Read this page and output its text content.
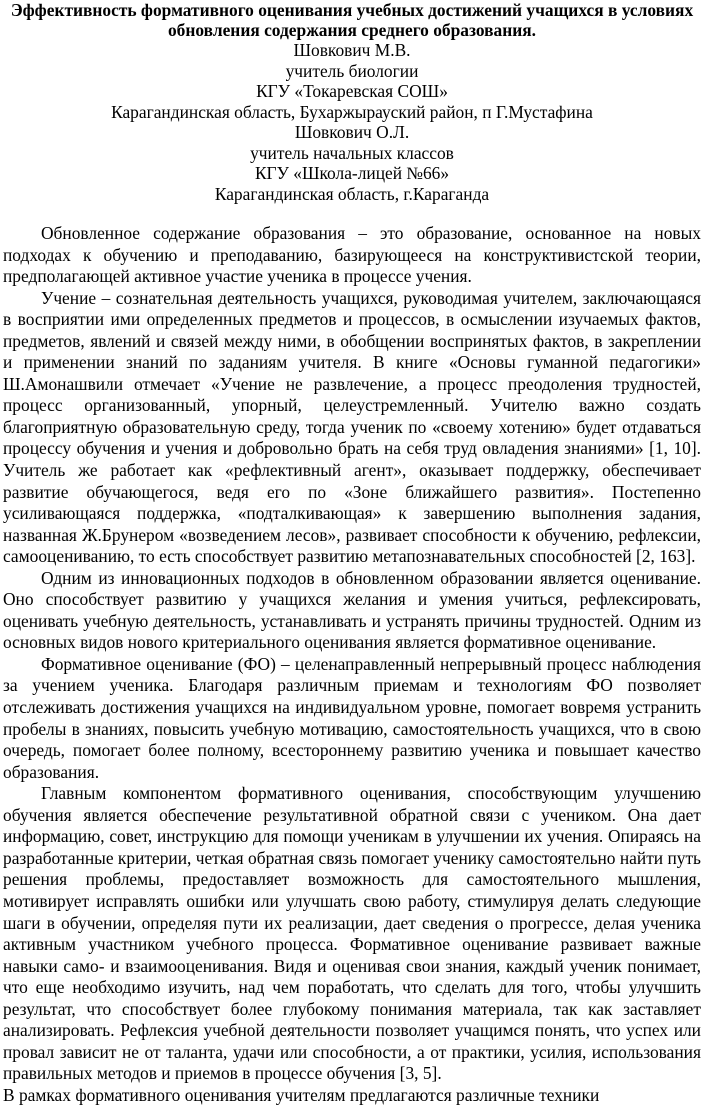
Эффективность формативного оценивания учебных достижений учащихся в условиях обновления содержания среднего образования.
Шовкович М.В.
учитель биологии
КГУ «Токаревская СОШ»
Карагандинская область, Бухаржырауский район, п Г.Мустафина
Шовкович О.Л.
учитель начальных классов
КГУ «Школа-лицей №66»
Карагандинская область, г.Караганда

Обновленное содержание образования – это образование, основанное на новых подходах к обучению и преподаванию, базирующееся на конструктивистской теории, предполагающей активное участие ученика в процессе учения.

Учение – сознательная деятельность учащихся, руководимая учителем, заключающаяся в восприятии ими определенных предметов и процессов, в осмыслении изучаемых фактов, предметов, явлений и связей между ними, в обобщении воспринятых фактов, в закреплении и применении знаний по заданиям учителя. В книге «Основы гуманной педагогики» Ш.Амонашвили отмечает «Учение не развлечение, а процесс преодоления трудностей, процесс организованный, упорный, целеустремленный. Учителю важно создать благоприятную образовательную среду, тогда ученик по «своему хотению» будет отдаваться процессу обучения и учения и добровольно брать на себя труд овладения знаниями» [1, 10]. Учитель же работает как «рефлективный агент», оказывает поддержку, обеспечивает развитие обучающегося, ведя его по «Зоне ближайшего развития». Постепенно усиливающаяся поддержка, «подталкивающая» к завершению выполнения задания, названная Ж.Брунером «возведением лесов», развивает способности к обучению, рефлексии, самооцениванию, то есть способствует развитию метапознавательных способностей [2, 163].

Одним из инновационных подходов в обновленном образовании является оценивание. Оно способствует развитию у учащихся желания и умения учиться, рефлексировать, оценивать учебную деятельность, устанавливать и устранять причины трудностей. Одним из основных видов нового критериального оценивания является формативное оценивание.

Формативное оценивание (ФО) – целенаправленный непрерывный процесс наблюдения за учением ученика. Благодаря различным приемам и технологиям ФО позволяет отслеживать достижения учащихся на индивидуальном уровне, помогает вовремя устранить пробелы в знаниях, повысить учебную мотивацию, самостоятельность учащихся, что в свою очередь, помогает более полному, всестороннему развитию ученика и повышает качество образования.

Главным компонентом формативного оценивания, способствующим улучшению обучения является обеспечение результативной обратной связи с учеником. Она дает информацию, совет, инструкцию для помощи ученикам в улучшении их учения. Опираясь на разработанные критерии, четкая обратная связь помогает ученику самостоятельно найти путь решения проблемы, предоставляет возможность для самостоятельного мышления, мотивирует исправлять ошибки или улучшать свою работу, стимулируя делать следующие шаги в обучении, определяя пути их реализации, дает сведения о прогрессе, делая ученика активным участником учебного процесса. Формативное оценивание развивает важные навыки само- и взаимооценивания. Видя и оценивая свои знания, каждый ученик понимает, что еще необходимо изучить, над чем поработать, что сделать для того, чтобы улучшить результат, что способствует более глубокому понимания материала, так как заставляет анализировать. Рефлексия учебной деятельности позволяет учащимся понять, что успех или провал зависит не от таланта, удачи или способности, а от практики, усилия, использования правильных методов и приемов в процессе обучения [3, 5].

В рамках формативного оценивания учителям предлагаются различные техники
